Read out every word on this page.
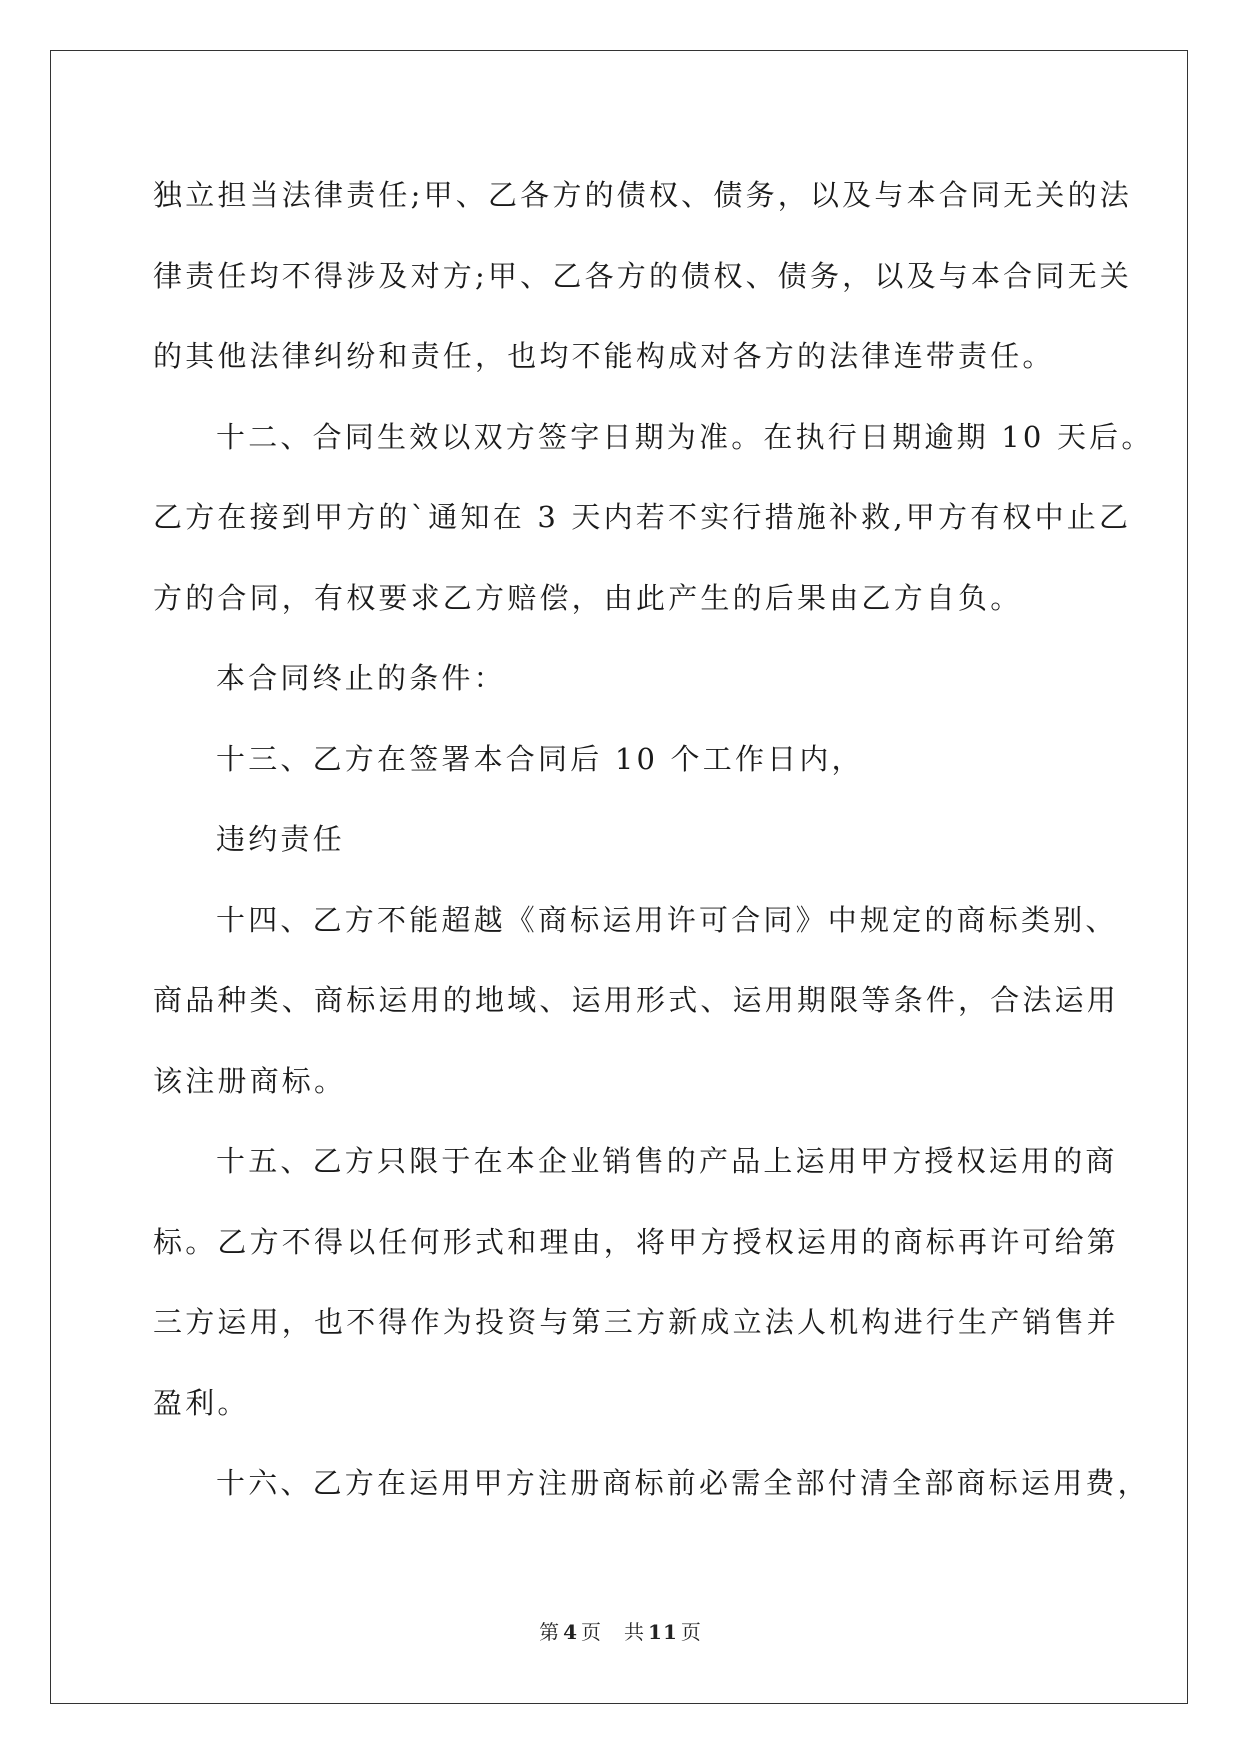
独立担当法律责任;甲、乙各方的债权、债务，以及与本合同无关的法
律责任均不得涉及对方;甲、乙各方的债权、债务，以及与本合同无关
的其他法律纠纷和责任，也均不能构成对各方的法律连带责任。

十二、合同生效以双方签字日期为准。在执行日期逾期 10 天后。
乙方在接到甲方的`通知在 3 天内若不实行措施补救,甲方有权中止乙
方的合同，有权要求乙方赔偿，由此产生的后果由乙方自负。

本合同终止的条件：

十三、乙方在签署本合同后 10 个工作日内，

违约责任

十四、乙方不能超越《商标运用许可合同》中规定的商标类别、
商品种类、商标运用的地域、运用形式、运用期限等条件，合法运用
该注册商标。

十五、乙方只限于在本企业销售的产品上运用甲方授权运用的商
标。乙方不得以任何形式和理由，将甲方授权运用的商标再许可给第
三方运用，也不得作为投资与第三方新成立法人机构进行生产销售并
盈利。

十六、乙方在运用甲方注册商标前必需全部付清全部商标运用费，

第 4 页 共 11 页
